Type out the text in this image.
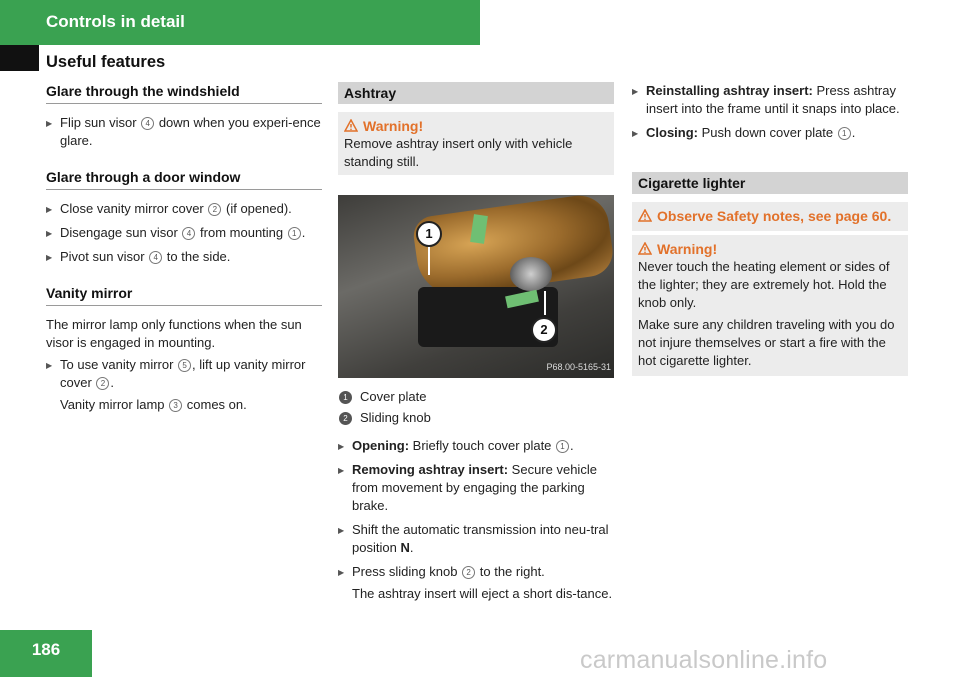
Controls in detail
Useful features
Glare through the windshield
▶ Flip sun visor 4 down when you experi-ence glare.
Glare through a door window
▶ Close vanity mirror cover 2 (if opened).
▶ Disengage sun visor 4 from mounting 1 .
▶ Pivot sun visor 4 to the side.
Vanity mirror

The mirror lamp only functions when the sun visor is engaged in mounting.

▶ To use vanity mirror 5 , lift up vanity mirror cover 2 .

Vanity mirror lamp 3 comes on.

Ashtray
Warning!
Remove ashtray insert only with vehicle standing still.
1
2
P68.00-5165-31
1 Cover plate
2 Sliding knob
▶ Opening: Briefly touch cover plate 1 .
▶ Removing ashtray insert: Secure vehicle from movement by engaging the parking brake.
▶ Shift the automatic transmission into neu-tral position N.
▶ Press sliding knob 2 to the right.

The ashtray insert will eject a short dis-tance.

▶ Reinstalling ashtray insert: Press ashtray insert into the frame until it snaps into place.
▶ Closing: Push down cover plate 1 .
Cigarette lighter
Observe Safety notes, see page 60.
Warning!

Never touch the heating element or sides of the lighter; they are extremely hot. Hold the knob only.

Make sure any children traveling with you do not injure themselves or start a fire with the hot cigarette lighter.

186	carmanualsonline.info
